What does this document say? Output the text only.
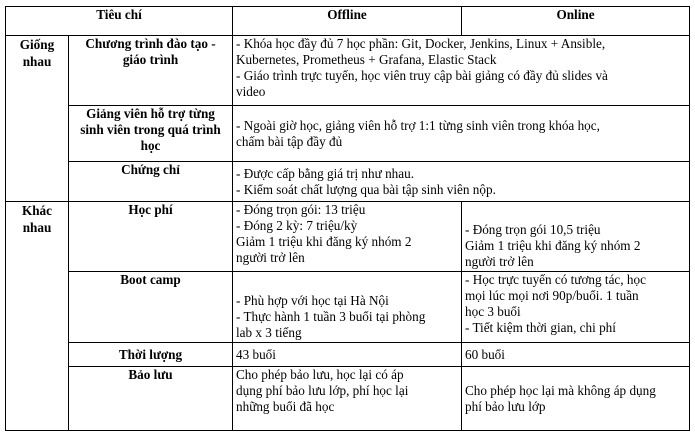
Tiêu chí		Offline	Online

Giống
nhau	Chương trình đào tạo -
giáo trình	- Khóa học đầy đủ 7 học phần: Git, Docker, Jenkins, Linux + Ansible,
Kubernetes, Prometheus + Grafana, Elastic Stack
- Giáo trình trực tuyến, học viên truy cập bài giảng có đầy đủ slides và
video	

	Giảng viên hỗ trợ từng
sinh viên trong quá trình
học	- Ngoài giờ học, giảng viên hỗ trợ 1:1 từng sinh viên trong khóa học,
chấm bài tập đầy đủ	

	Chứng chỉ	- Được cấp bằng giá trị như nhau.
- Kiểm soát chất lượng qua bài tập sinh viên nộp.	

Khác
nhau	Học phí	- Đóng trọn gói: 13 triệu
- Đóng 2 kỳ: 7 triệu/kỳ
Giảm 1 triệu khi đăng ký nhóm 2
người trở lên	- Đóng trọn gói 10,5 triệu
Giảm 1 triệu khi đăng ký nhóm 2
người trở lên

	Boot camp	- Phù hợp với học tại Hà Nội
- Thực hành 1 tuần 3 buổi tại phòng
lab x 3 tiếng	- Học trực tuyến có tương tác, học
mọi lúc mọi nơi 90p/buổi. 1 tuần
học 3 buổi
- Tiết kiệm thời gian, chi phí

	Thời lượng	43 buổi	60 buổi

	Bảo lưu	Cho phép bảo lưu, học lại có áp
dụng phí bảo lưu lớp, phí học lại
những buổi đã học	Cho phép học lại mà không áp dụng
phí bảo lưu lớp
